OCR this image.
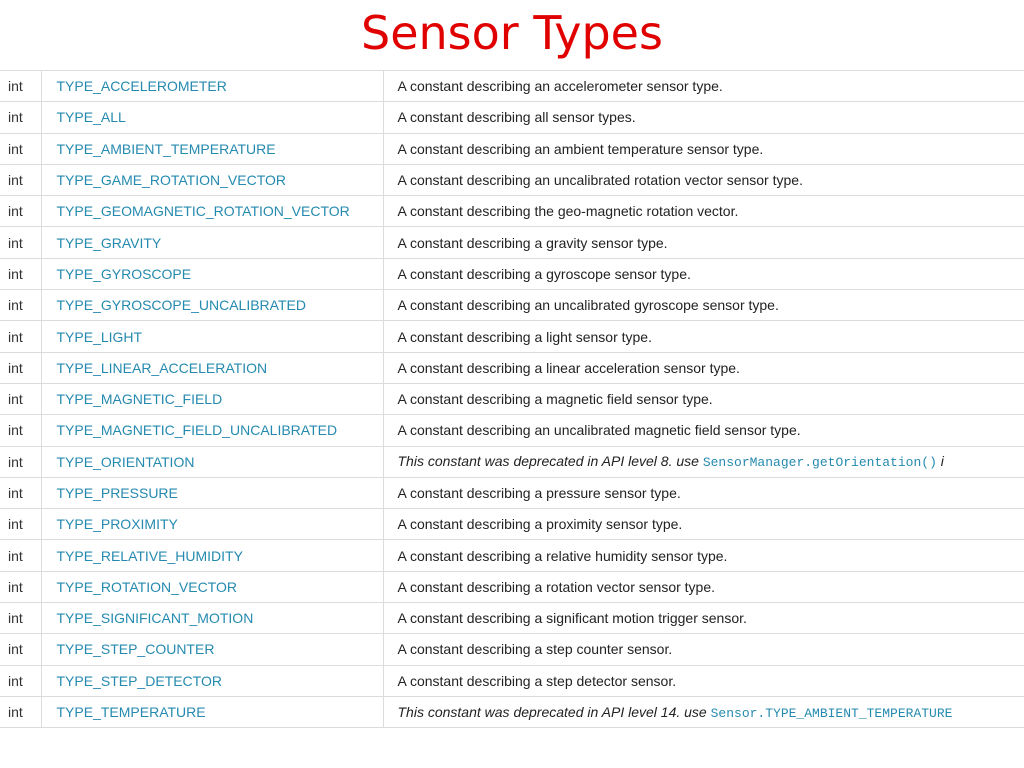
Sensor Types
int	TYPE_ACCELEROMETER	A constant describing an accelerometer sensor type.
int	TYPE_ALL	A constant describing all sensor types.
int	TYPE_AMBIENT_TEMPERATURE	A constant describing an ambient temperature sensor type.
int	TYPE_GAME_ROTATION_VECTOR	A constant describing an uncalibrated rotation vector sensor type.
int	TYPE_GEOMAGNETIC_ROTATION_VECTOR	A constant describing the geo-magnetic rotation vector.
int	TYPE_GRAVITY	A constant describing a gravity sensor type.
int	TYPE_GYROSCOPE	A constant describing a gyroscope sensor type.
int	TYPE_GYROSCOPE_UNCALIBRATED	A constant describing an uncalibrated gyroscope sensor type.
int	TYPE_LIGHT	A constant describing a light sensor type.
int	TYPE_LINEAR_ACCELERATION	A constant describing a linear acceleration sensor type.
int	TYPE_MAGNETIC_FIELD	A constant describing a magnetic field sensor type.
int	TYPE_MAGNETIC_FIELD_UNCALIBRATED	A constant describing an uncalibrated magnetic field sensor type.
int	TYPE_ORIENTATION	This constant was deprecated in API level 8. use SensorManager.getOrientation() i
int	TYPE_PRESSURE	A constant describing a pressure sensor type.
int	TYPE_PROXIMITY	A constant describing a proximity sensor type.
int	TYPE_RELATIVE_HUMIDITY	A constant describing a relative humidity sensor type.
int	TYPE_ROTATION_VECTOR	A constant describing a rotation vector sensor type.
int	TYPE_SIGNIFICANT_MOTION	A constant describing a significant motion trigger sensor.
int	TYPE_STEP_COUNTER	A constant describing a step counter sensor.
int	TYPE_STEP_DETECTOR	A constant describing a step detector sensor.
int	TYPE_TEMPERATURE	This constant was deprecated in API level 14. use Sensor.TYPE_AMBIENT_TEMPERATURE
